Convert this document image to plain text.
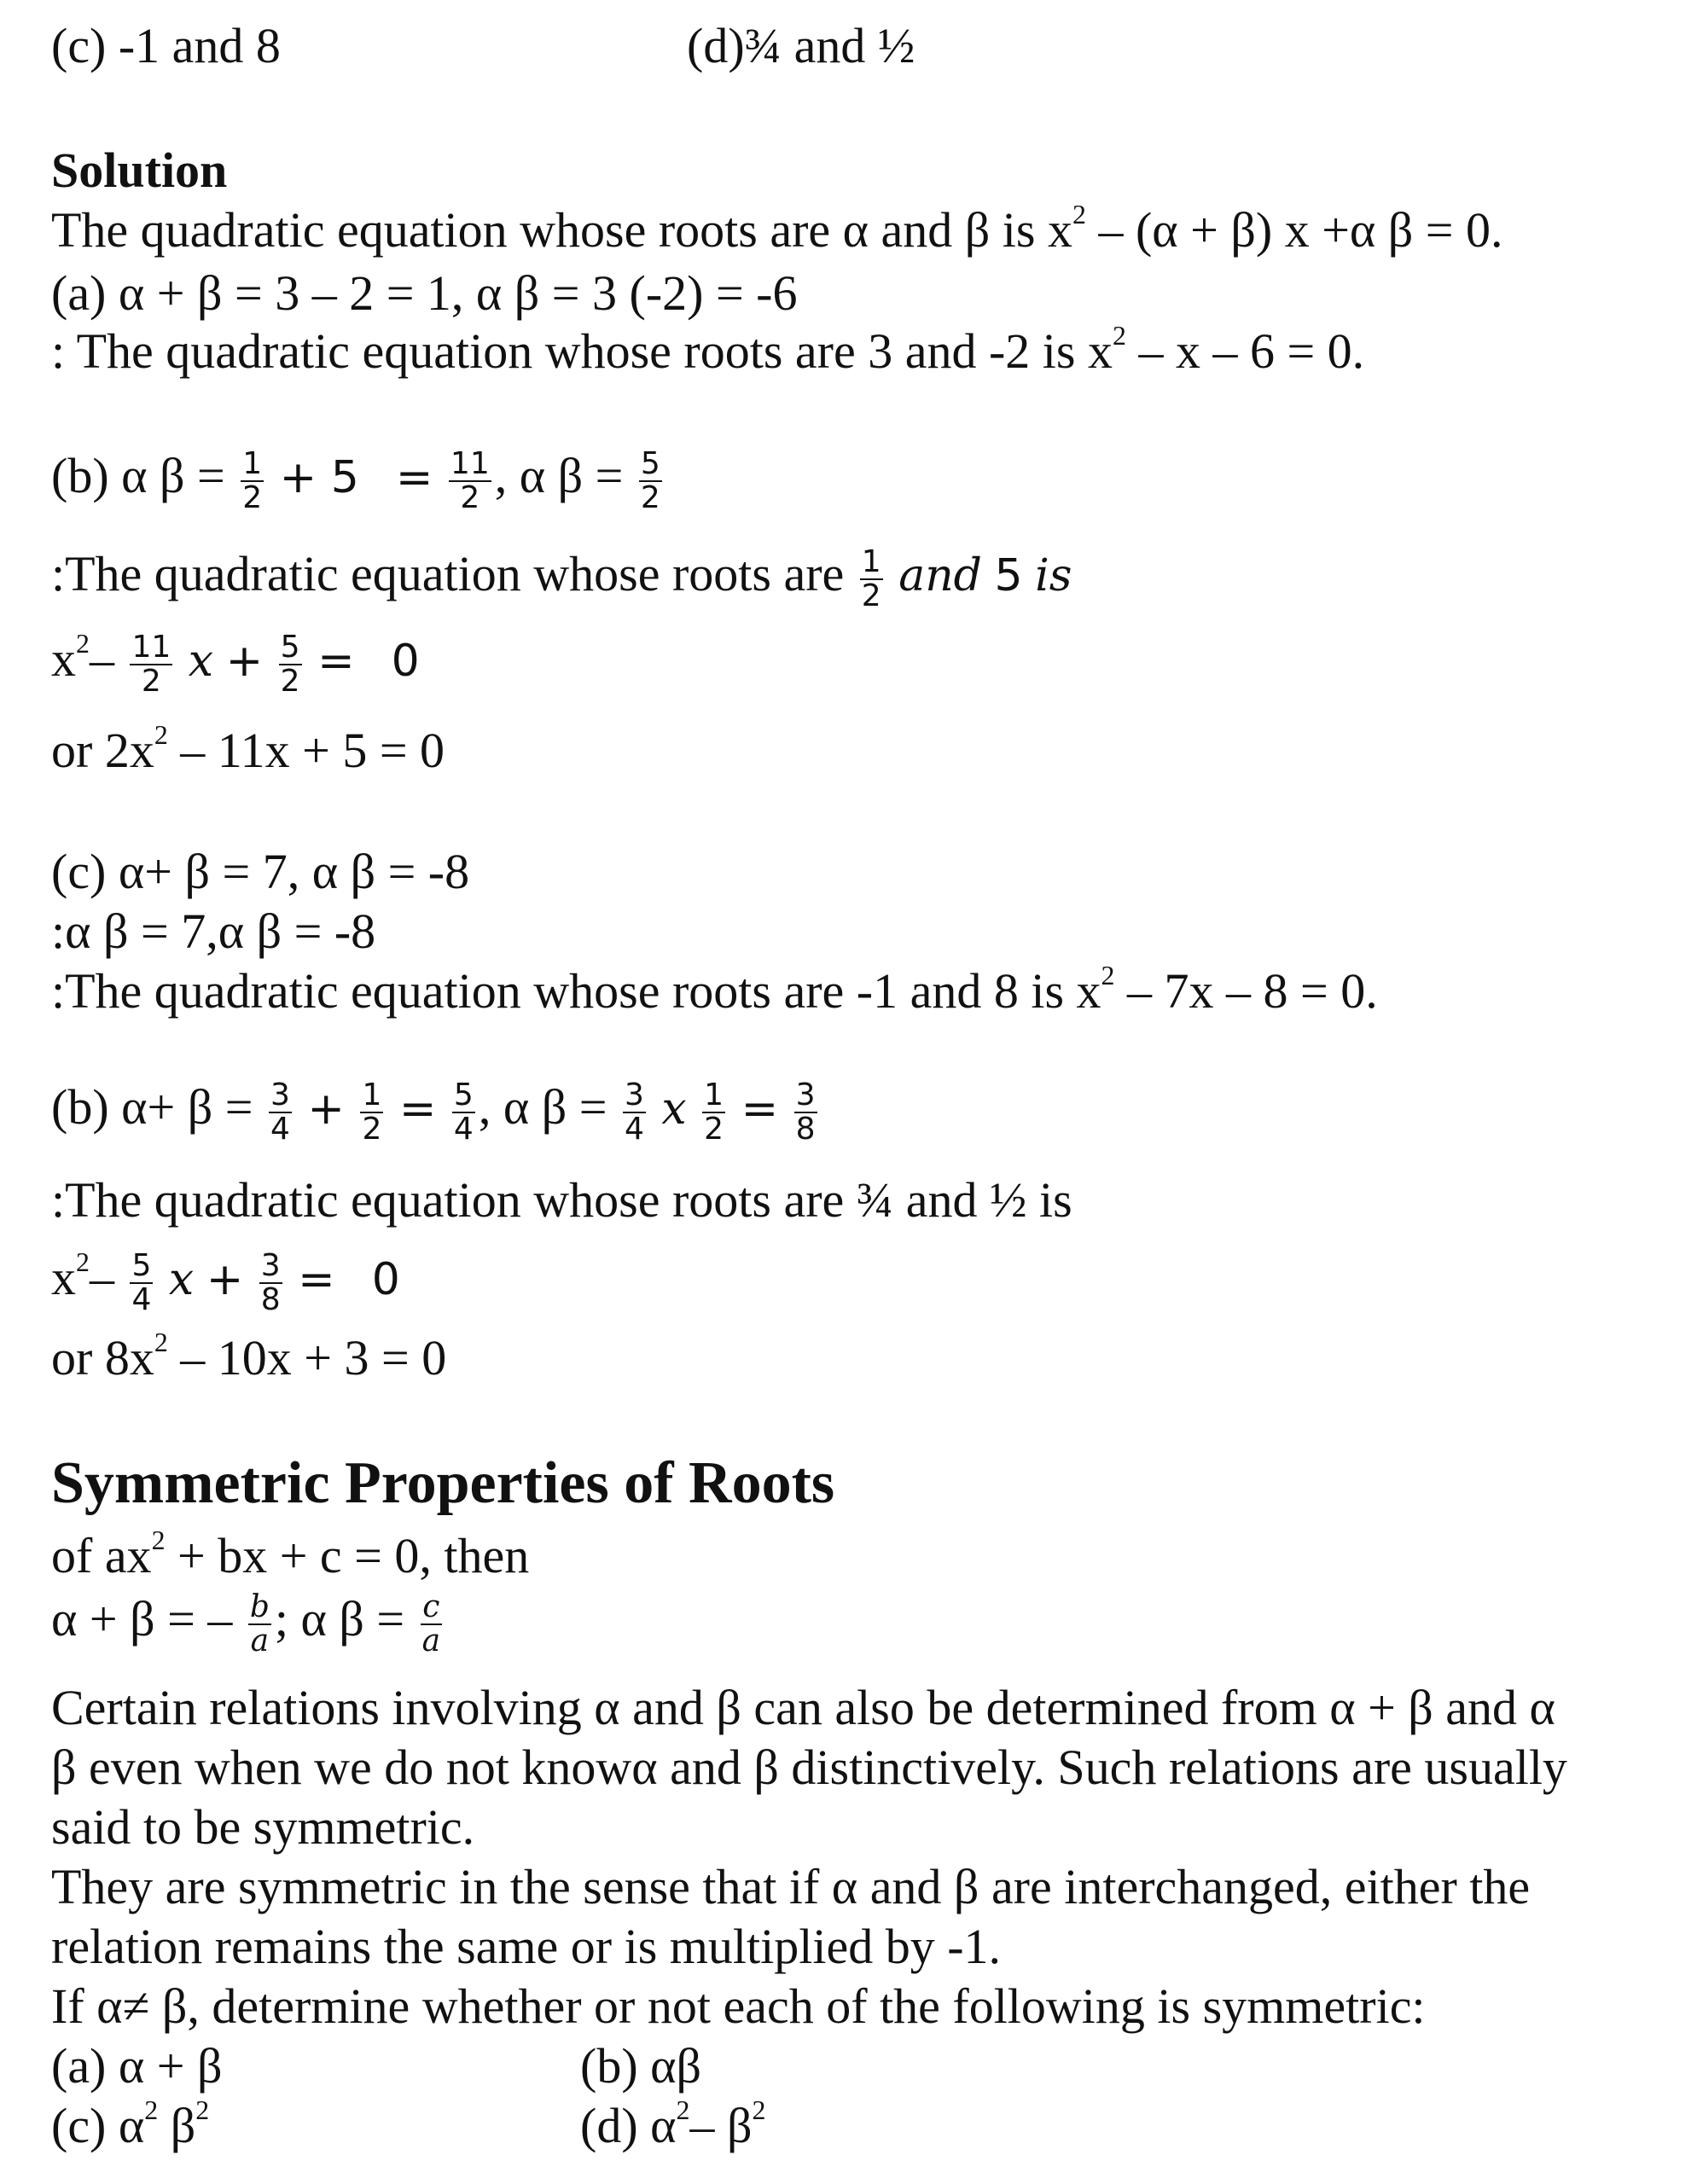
(c) -1 and 8	(d)¾ and ½
Solution
The quadratic equation whose roots are α and β is $x^2 - (\alpha + \beta)$ x +α β = 0.
(a) α + β = 3 – 2 = 1, α β = 3 (-2) = -6
: The quadratic equation whose roots are 3 and -2 is $x^2 - x - 6 = 0$.
(b) α $\beta = \frac{1}{2} + 5 = \frac{11}{2}$ , α $\beta = \frac{5}{2}$
:The quadratic equation whose roots are $\frac{1}{2}$ and 5 is
$x^2- \frac{11}{2}$ $x + \frac{5}{2} = 0$
or $2x^2 - 11x + 5 = 0$
(c) α+ β = 7, α β = -8
:α β = 7,α β = -8
:The quadratic equation whose roots are -1 and 8 is $x^2 - 7x - 8 = 0$.
(b) $\alpha+ \beta = \frac{3}{4} + \frac{1}{2} = \frac{5}{4}$ , α $\beta = \frac{3}{4}$ x $\frac{1}{2} = \frac{3}{8}$
:The quadratic equation whose roots are ¾ and ½ is
$x^2- \frac{5}{4}$ $x + \frac{3}{8} = 0$
or $8x^2 - 10x + 3 = 0$
Symmetric Properties of Roots
of $ax^2$ + bx + c = 0, then
α + β = – $\frac{b}{a}$ ; α $\beta = \frac{c}{a}$
Certain relations involving α and β can also be determined from α + β and α
β even when we do not knowα and β distinctively. Such relations are usually
said to be symmetric.
They are symmetric in the sense that if α and β are interchanged, either the
relation remains the same or is multiplied by -1.
If α≠ β, determine whether or not each of the following is symmetric:
(a) α + β	(b) αβ
(c) $\alpha^2$ $\beta^2$	(d) $\alpha^2-$ $\beta^2$
